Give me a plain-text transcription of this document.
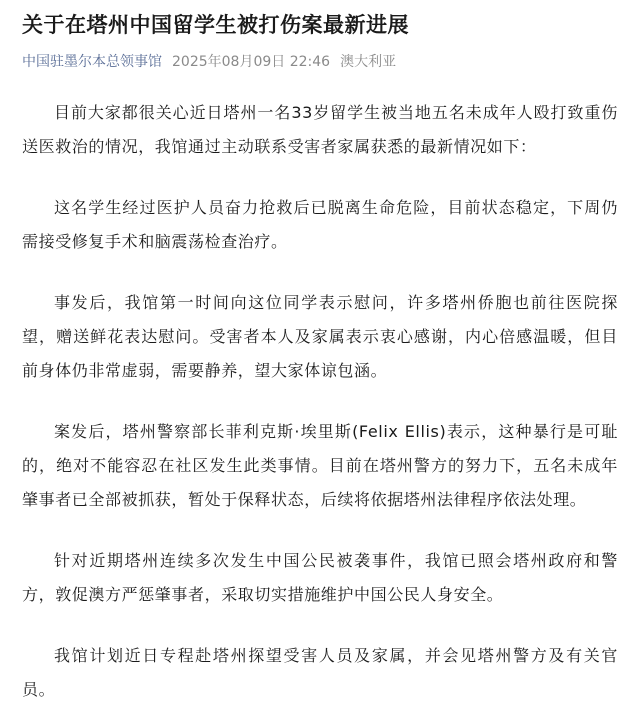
关于在塔州中国留学生被打伤案最新进展
中国驻墨尔本总领事馆 2025年08月09日 22:46 澳大利亚

目前大家都很关心近日塔州一名33岁留学生被当地五名未成年人殴打致重伤送医救治的情况，我馆通过主动联系受害者家属获悉的最新情况如下：

这名学生经过医护人员奋力抢救后已脱离生命危险，目前状态稳定，下周仍需接受修复手术和脑震荡检查治疗。

事发后，我馆第一时间向这位同学表示慰问，许多塔州侨胞也前往医院探望，赠送鲜花表达慰问。受害者本人及家属表示衷心感谢，内心倍感温暖，但目前身体仍非常虚弱，需要静养，望大家体谅包涵。

案发后，塔州警察部长菲利克斯·埃里斯(Felix Ellis)表示，这种暴行是可耻的，绝对不能容忍在社区发生此类事情。目前在塔州警方的努力下，五名未成年肇事者已全部被抓获，暂处于保释状态，后续将依据塔州法律程序依法处理。

针对近期塔州连续多次发生中国公民被袭事件，我馆已照会塔州政府和警方，敦促澳方严惩肇事者，采取切实措施维护中国公民人身安全。

我馆计划近日专程赴塔州探望受害人员及家属，并会见塔州警方及有关官员。
